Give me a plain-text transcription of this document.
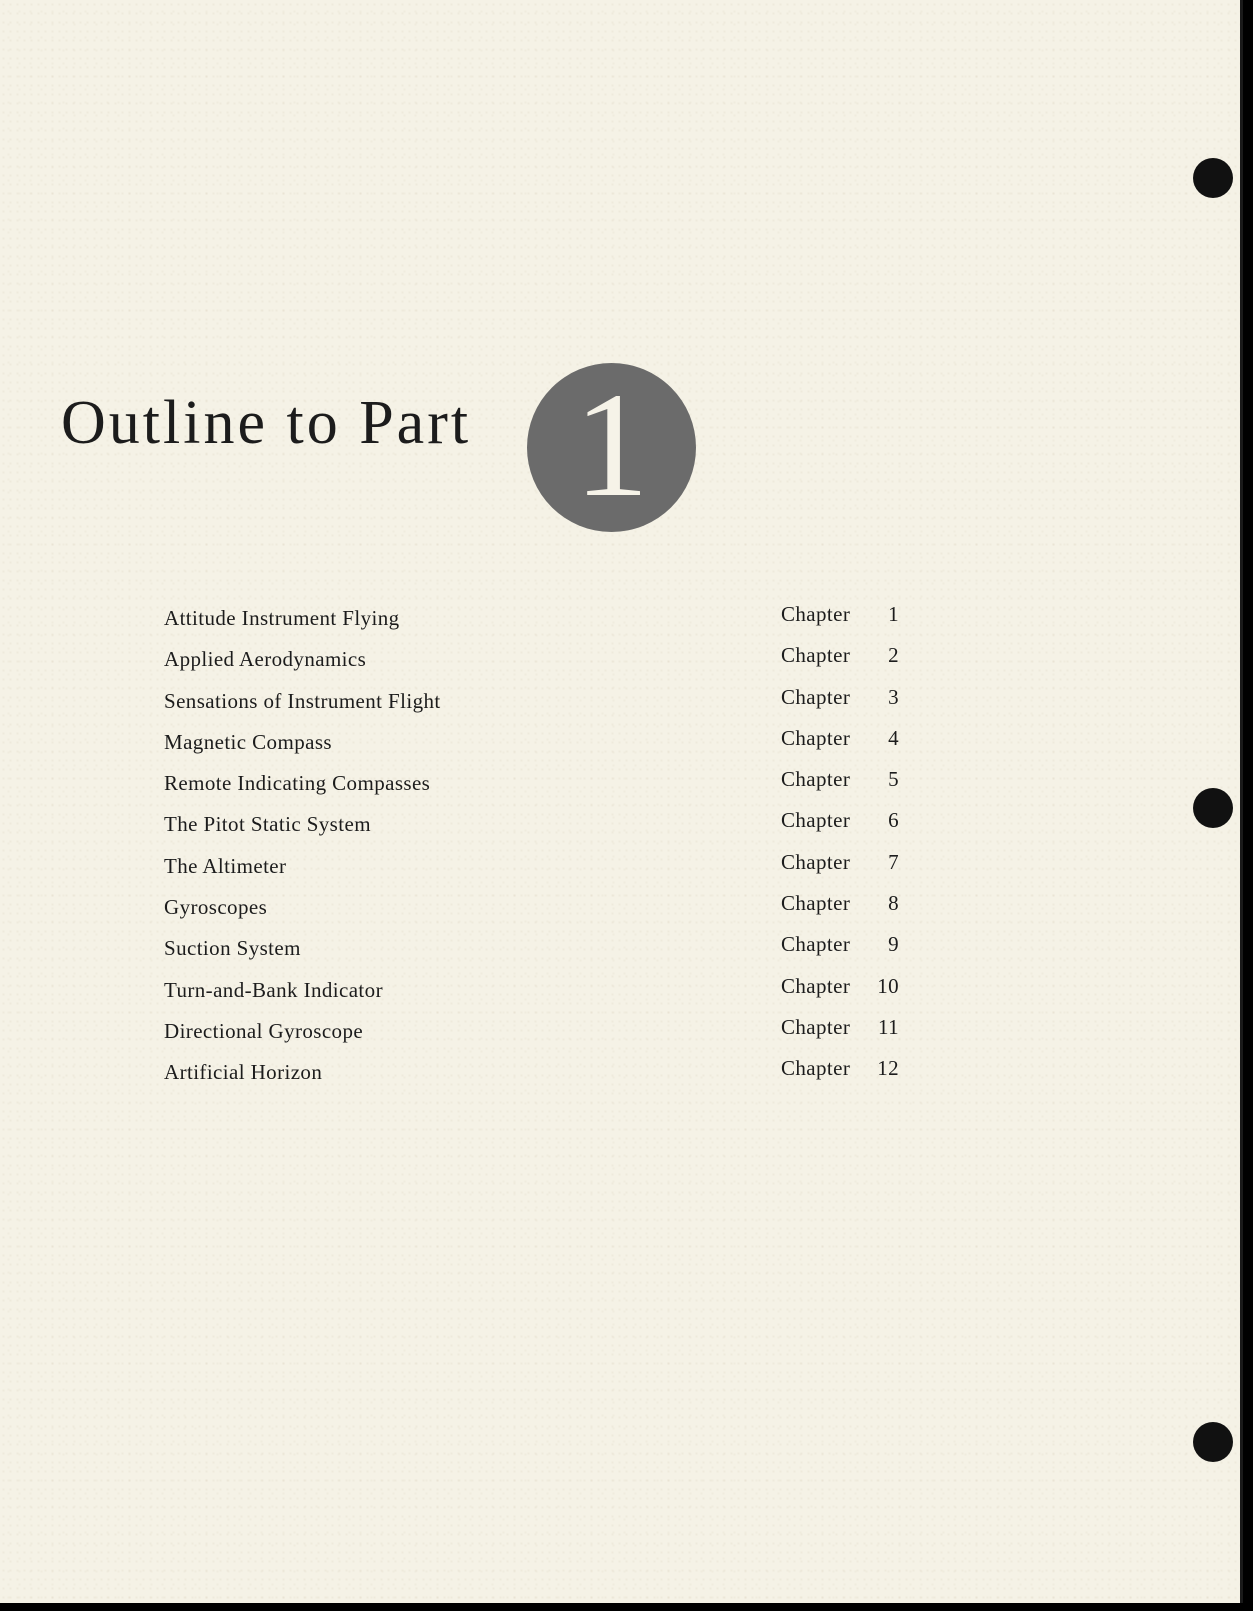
Outline to Part 1
Attitude Instrument Flying	Chapter 1
Applied Aerodynamics	Chapter 2
Sensations of Instrument Flight	Chapter 3
Magnetic Compass	Chapter 4
Remote Indicating Compasses	Chapter 5
The Pitot Static System	Chapter 6
The Altimeter	Chapter 7
Gyroscopes	Chapter 8
Suction System	Chapter 9
Turn-and-Bank Indicator	Chapter 10
Directional Gyroscope	Chapter 11
Artificial Horizon	Chapter 12
